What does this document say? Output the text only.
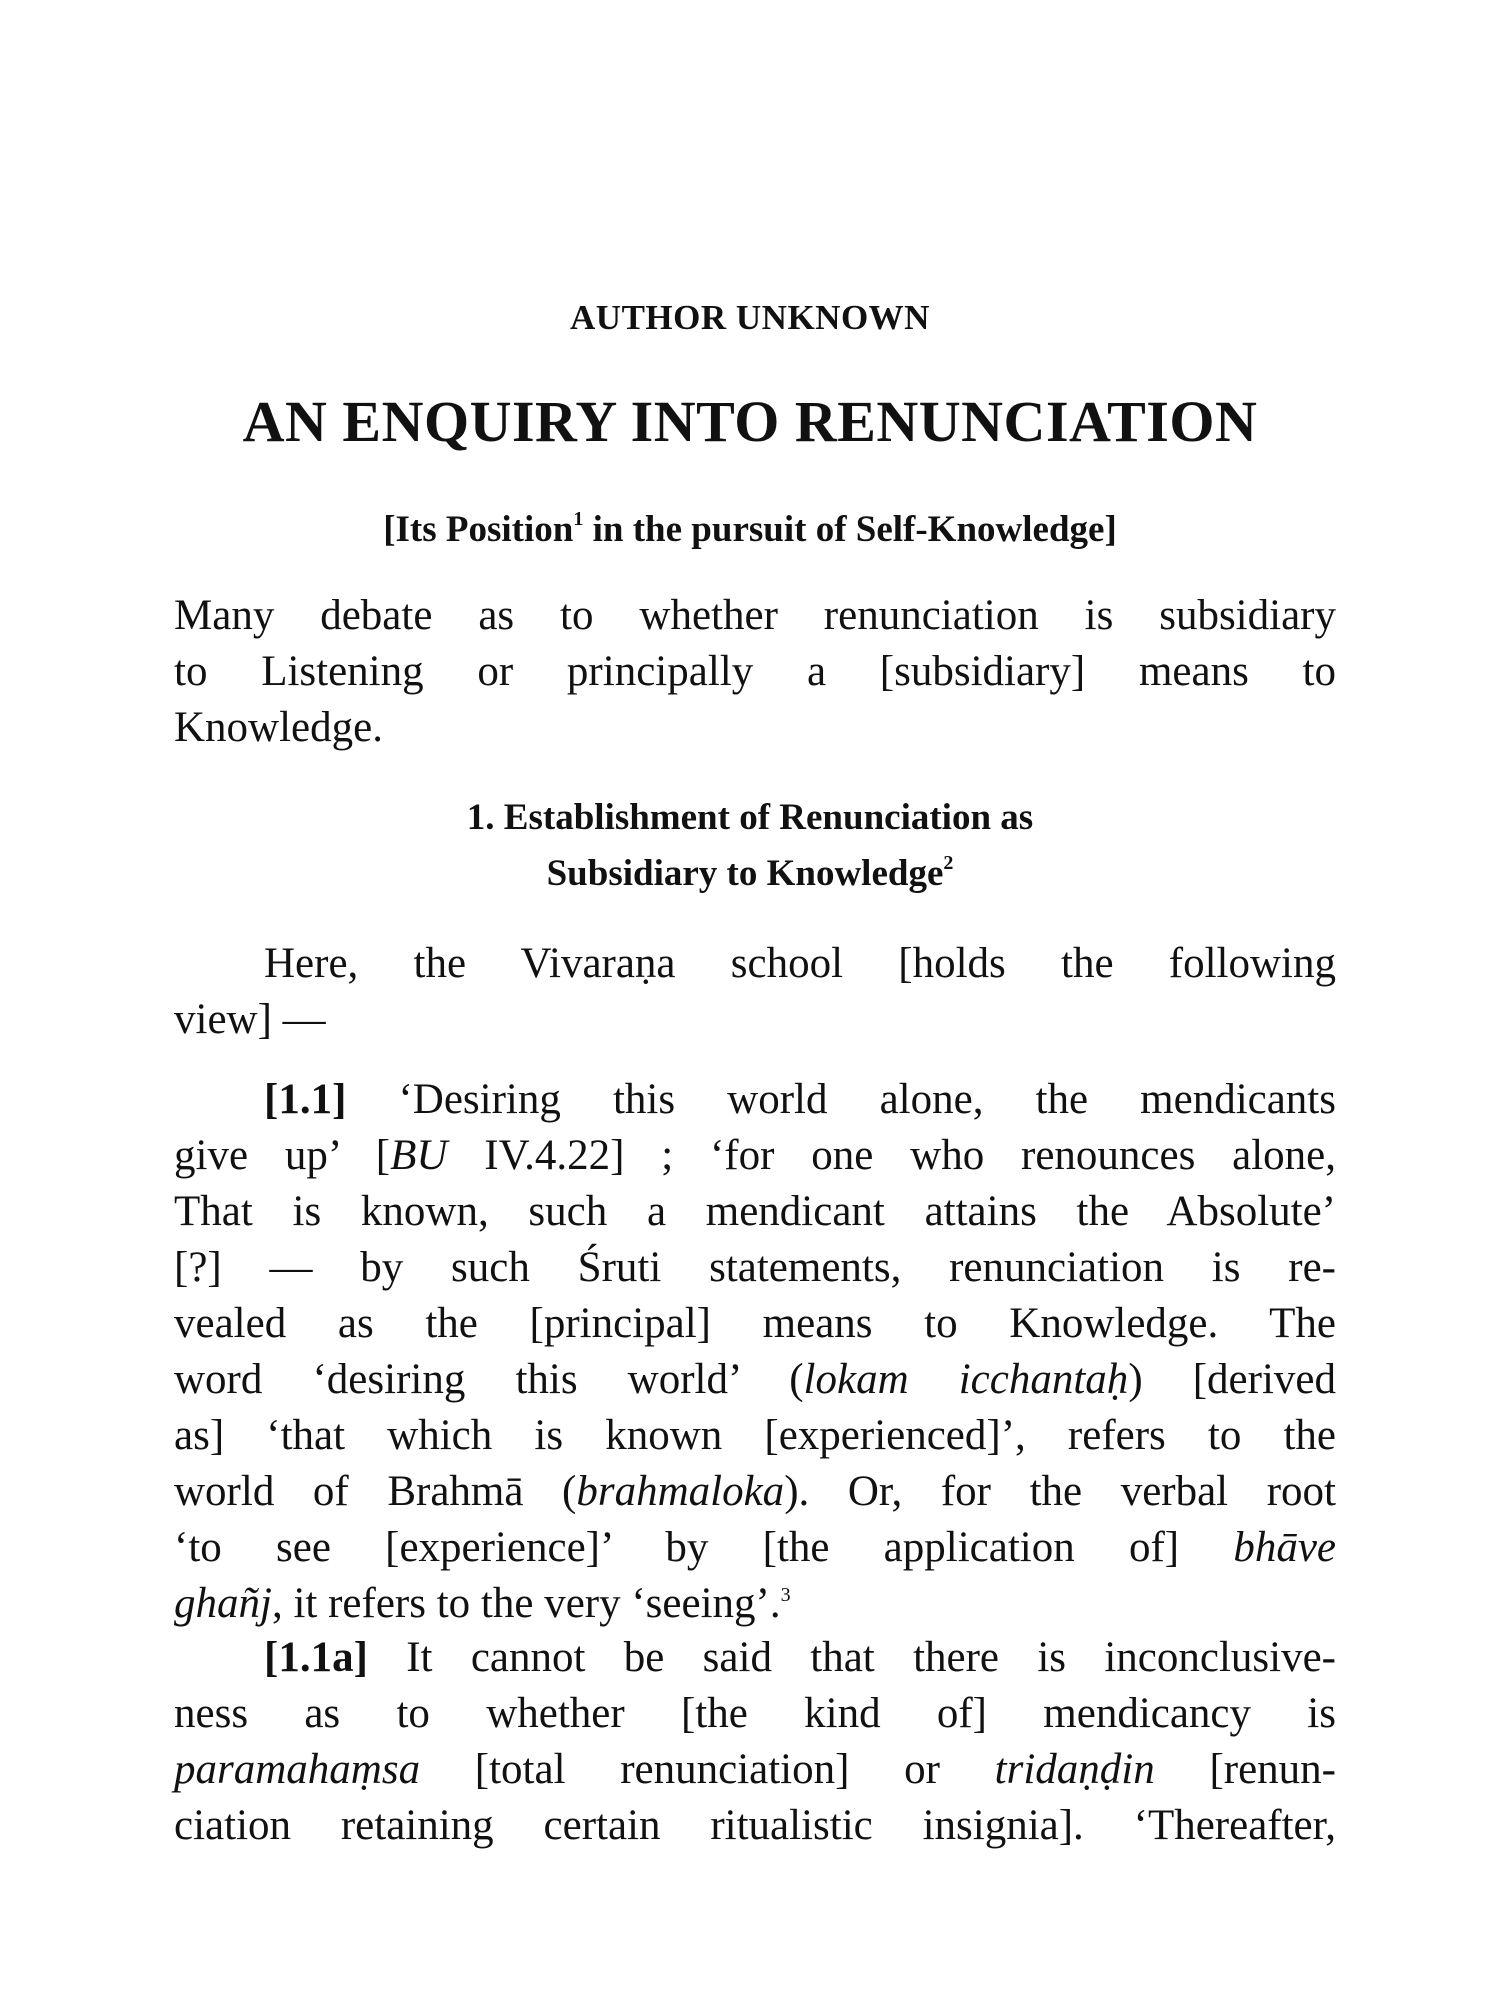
AUTHOR UNKNOWN
AN ENQUIRY INTO RENUNCIATION
[Its Position$^1$ in the pursuit of Self-Knowledge]
Many debate as to whether renunciation is subsidiary
to Listening or principally a [subsidiary] means to
Knowledge.
1. Establishment of Renunciation as
Subsidiary to Knowledge$^2$
Here, the Vivaraṇa school [holds the following
view] —
[1.1] ‘Desiring this world alone, the mendicants
give up’ [BU IV.4.22] ; ‘for one who renounces alone,
That is known, such a mendicant attains the Absolute’
[?] — by such Śruti statements, renunciation is re-
vealed as the [principal] means to Knowledge. The
word ‘desiring this world’ (lokam icchantaḥ) [derived
as] ‘that which is known [experienced]’, refers to the
world of Brahmā (brahmaloka). Or, for the verbal root
‘to see [experience]’ by [the application of] bhāve
ghañj, it refers to the very ‘seeing’.$^3$
[1.1a] It cannot be said that there is inconclusive-
ness as to whether [the kind of] mendicancy is
paramahaṃsa [total renunciation] or tridaṇḍin [renun-
ciation retaining certain ritualistic insignia]. ‘Thereafter,
